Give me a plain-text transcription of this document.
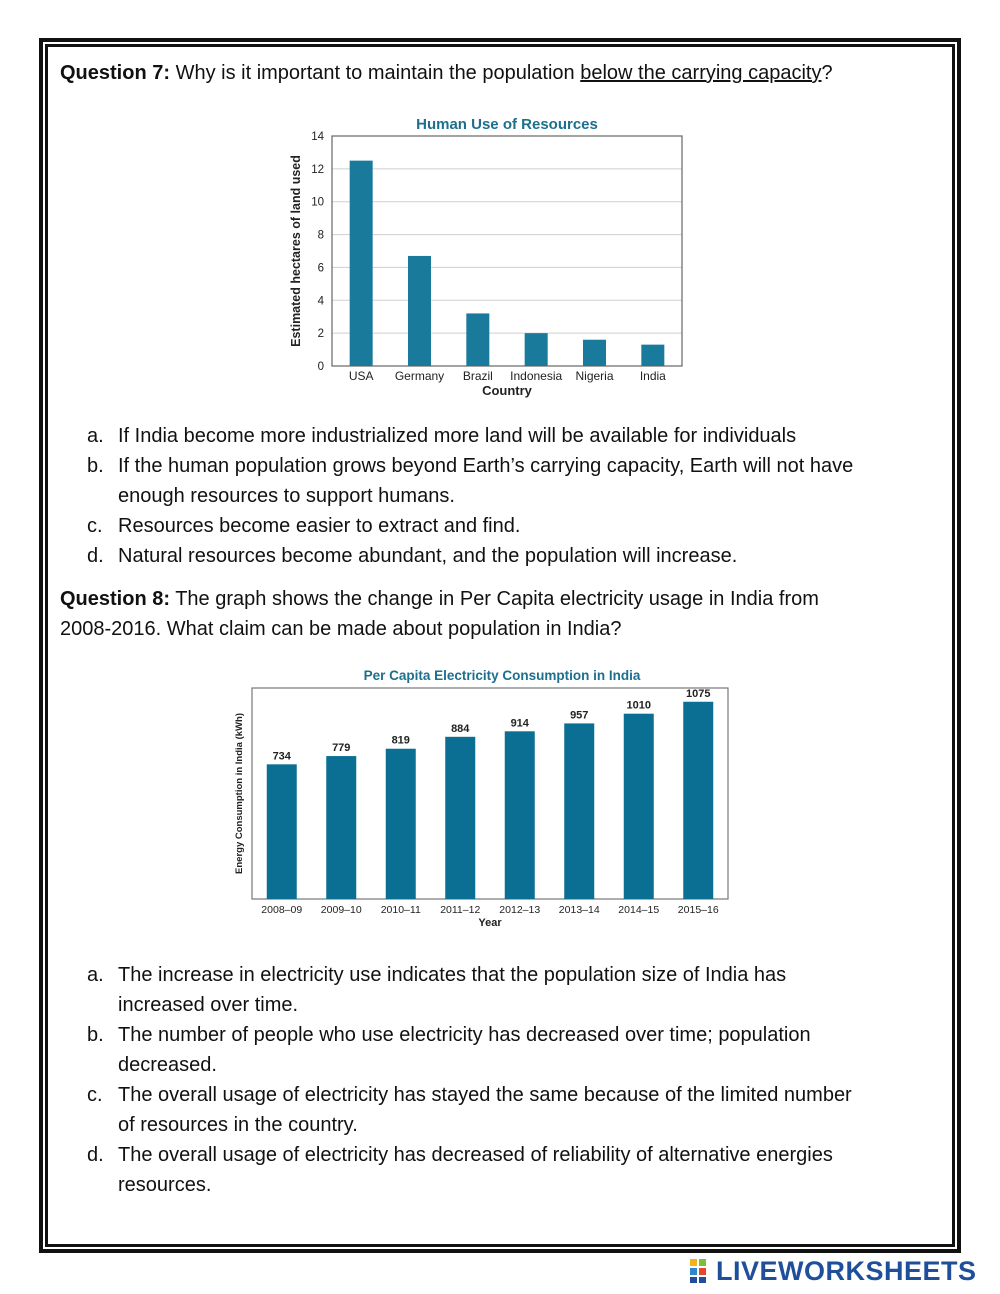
Question 7: Why is it important to maintain the population below the carrying capacity?
Human Use of Resources
0
2
4
6
8
10
12
14
USA Germany Brazil Indonesia Nigeria India
Country
Estimated hectares of land used
a. If India become more industrialized more land will be available for individuals
b. If the human population grows beyond Earth’s carrying capacity, Earth will not have
enough resources to support humans.
c. Resources become easier to extract and find.
d. Natural resources become abundant, and the population will increase.
Question 8: The graph shows the change in Per Capita electricity usage in India from
2008-2016. What claim can be made about population in India?
Per Capita Electricity Consumption in India
734
2008–09
779
2009–10
819
2010–11
884
2011–12
914
2012–13
957
2013–14
1010
2014–15
1075
2015–16
Year
Energy Consumption in India (kWh)
a. The increase in electricity use indicates that the population size of India has
increased over time.
b. The number of people who use electricity has decreased over time; population
decreased.
c. The overall usage of electricity has stayed the same because of the limited number
of resources in the country.
d. The overall usage of electricity has decreased of reliability of alternative energies
resources.
LIVEWORKSHEETS
